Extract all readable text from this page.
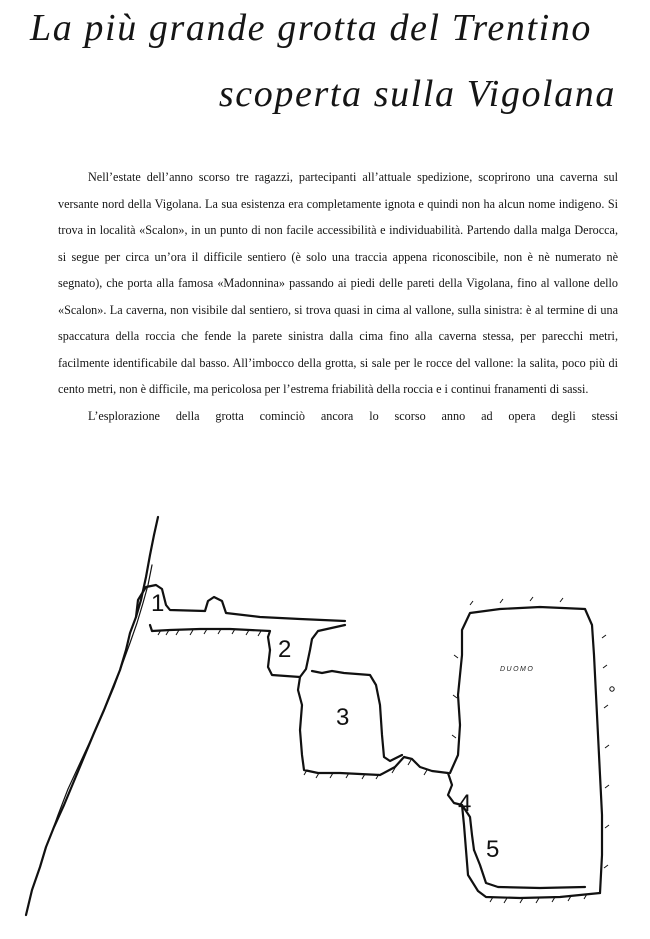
La più grande grotta del Trentino
scoperta sulla Vigolana

Nell’estate dell’anno scorso tre ragazzi, partecipanti all’attuale spedizione, scoprirono una caverna sul versante nord della Vigolana. La sua esistenza era completamente ignota e quindi non ha alcun nome indigeno. Si trova in località «Scalon», in un punto di non facile accessibilità e individuabilità. Partendo dalla malga Derocca, si segue per circa un’ora il difficile sentiero (è solo una traccia appena riconoscibile, non è nè numerato nè segnato), che porta alla famosa «Madonnina» passando ai piedi delle pareti della Vigolana, fino al vallone dello «Scalon». La caverna, non visibile dal sentiero, si trova quasi in cima al vallone, sulla sinistra: è al termine di una spaccatura della roccia che fende la parete sinistra dalla cima fino alla caverna stessa, per parecchi metri, facilmente identificabile dal basso. All’imbocco della grotta, si sale per le rocce del vallone: la salita, poco più di cento metri, non è difficile, ma pericolosa per l’estrema friabilità della roccia e i continui franamenti di sassi.

L’esplorazione della grotta cominciò ancora lo scorso anno ad opera degli stessi

1
2
3
4
5
DUOMO
